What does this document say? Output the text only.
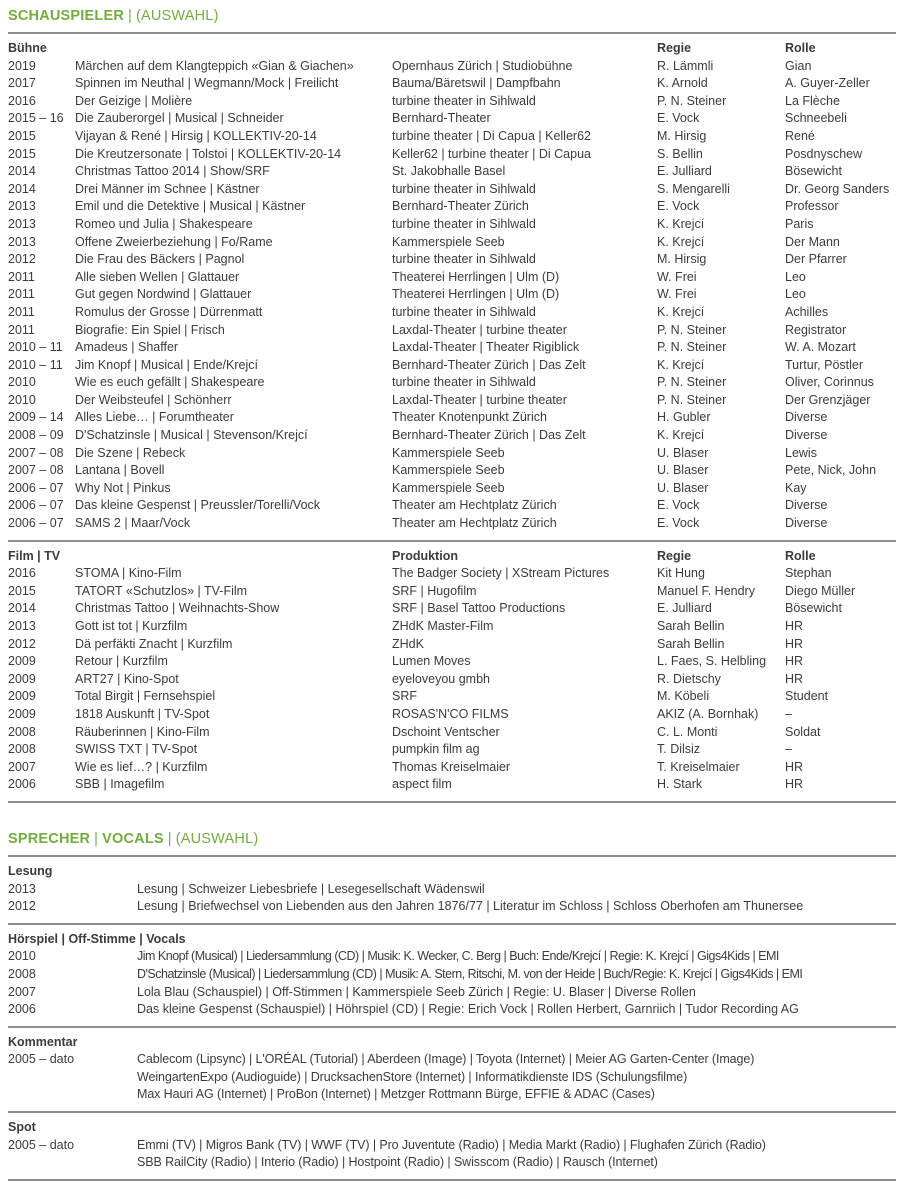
SCHAUSPIELER | (AUSWAHL)
Bühne	Regie	Rolle
2019	Märchen auf dem Klangteppich «Gian & Giachen»	Opernhaus Zürich | Studiobühne	R. Lämmli	Gian
2017	Spinnen im Neuthal | Wegmann/Mock | Freilicht	Bauma/Bäretswil | Dampfbahn	K. Arnold	A. Guyer-Zeller
2016	Der Geizige | Molière	turbine theater in Sihlwald	P. N. Steiner	La Flèche
2015 – 16 Die Zauberorgel | Musical | Schneider	Bernhard-Theater	E. Vock	Schneebeli
2015	Vijayan & René | Hirsig | KOLLEKTIV-20-14	turbine theater | Di Capua | Keller62	M. Hirsig	René
2015	Die Kreutzersonate | Tolstoi | KOLLEKTIV-20-14	Keller62 | turbine theater | Di Capua	S. Bellin	Posdnyschew
2014	Christmas Tattoo 2014 | Show/SRF	St. Jakobhalle Basel	E. Julliard	Bösewicht
2014	Drei Männer im Schnee | Kästner	turbine theater in Sihlwald	S. Mengarelli	Dr. Georg Sanders
2013	Emil und die Detektive | Musical | Kästner	Bernhard-Theater Zürich	E. Vock	Professor
2013	Romeo und Julia | Shakespeare	turbine theater in Sihlwald	K. Krejcí	Paris
2013	Offene Zweierbeziehung | Fo/Rame	Kammerspiele Seeb	K. Krejcí	Der Mann
2012	Die Frau des Bäckers | Pagnol	turbine theater in Sihlwald	M. Hirsig	Der Pfarrer
2011	Alle sieben Wellen | Glattauer	Theaterei Herrlingen | Ulm (D)	W. Frei	Leo
2011	Gut gegen Nordwind | Glattauer	Theaterei Herrlingen | Ulm (D)	W. Frei	Leo
2011	Romulus der Grosse | Dürrenmatt	turbine theater in Sihlwald	K. Krejcí	Achilles
2011	Biografie: Ein Spiel | Frisch	Laxdal-Theater | turbine theater	P. N. Steiner	Registrator
2010 – 11 Amadeus | Shaffer	Laxdal-Theater | Theater Rigiblick	P. N. Steiner	W. A. Mozart
2010 – 11 Jim Knopf | Musical | Ende/Krejcí	Bernhard-Theater Zürich | Das Zelt	K. Krejcí	Turtur, Pöstler
2010	Wie es euch gefällt | Shakespeare	turbine theater in Sihlwald	P. N. Steiner	Oliver, Corinnus
2010	Der Weibsteufel | Schönherr	Laxdal-Theater | turbine theater	P. N. Steiner	Der Grenzjäger
2009 – 14 Alles Liebe… | Forumtheater	Theater Knotenpunkt Zürich	H. Gubler	Diverse
2008 – 09 D'Schatzinsle | Musical | Stevenson/Krejcí	Bernhard-Theater Zürich | Das Zelt	K. Krejcí	Diverse
2007 – 08 Die Szene | Rebeck	Kammerspiele Seeb	U. Blaser	Lewis
2007 – 08 Lantana | Bovell	Kammerspiele Seeb	U. Blaser	Pete, Nick, John
2006 – 07 Why Not | Pinkus	Kammerspiele Seeb	U. Blaser	Kay
2006 – 07 Das kleine Gespenst | Preussler/Torelli/Vock	Theater am Hechtplatz Zürich	E. Vock	Diverse
2006 – 07 SAMS 2 | Maar/Vock	Theater am Hechtplatz Zürich	E. Vock	Diverse
Film | TV	Produktion	Regie	Rolle
2016	STOMA | Kino-Film	The Badger Society | XStream Pictures	Kit Hung	Stephan
2015	TATORT «Schutzlos» | TV-Film	SRF | Hugofilm	Manuel F. Hendry	Diego Müller
2014	Christmas Tattoo | Weihnachts-Show	SRF | Basel Tattoo Productions	E. Julliard	Bösewicht
2013	Gott ist tot | Kurzfilm	ZHdK Master-Film	Sarah Bellin	HR
2012	Dä perfäkti Znacht | Kurzfilm	ZHdK	Sarah Bellin	HR
2009	Retour | Kurzfilm	Lumen Moves	L. Faes, S. Helbling	HR
2009	ART27 | Kino-Spot	eyeloveyou gmbh	R. Dietschy	HR
2009	Total Birgit | Fernsehspiel	SRF	M. Köbeli	Student
2009	1818 Auskunft | TV-Spot	ROSAS'N'CO FILMS	AKIZ (A. Bornhak)	–
2008	Räuberinnen | Kino-Film	Dschoint Ventscher	C. L. Monti	Soldat
2008	SWISS TXT | TV-Spot	pumpkin film ag	T. Dilsiz	–
2007	Wie es lief…? | Kurzfilm	Thomas Kreiselmaier	T. Kreiselmaier	HR
2006	SBB | Imagefilm	aspect film	H. Stark	HR
SPRECHER | VOCALS | (AUSWAHL)
Lesung
2013	Lesung | Schweizer Liebesbriefe | Lesegesellschaft Wädenswil
2012	Lesung | Briefwechsel von Liebenden aus den Jahren 1876/77 | Literatur im Schloss | Schloss Oberhofen am Thunersee
Hörspiel | Off-Stimme | Vocals
2010	Jim Knopf (Musical) | Liedersammlung (CD) | Musik: K. Wecker, C. Berg | Buch: Ende/Krejcí | Regie: K. Krejcí | Gigs4Kids | EMI
2008	D'Schatzinsle (Musical) | Liedersammlung (CD) | Musik: A. Stern, Ritschi, M. von der Heide | Buch/Regie: K. Krejcí | Gigs4Kids | EMI
2007	Lola Blau (Schauspiel) | Off-Stimmen | Kammerspiele Seeb Zürich | Regie: U. Blaser | Diverse Rollen
2006	Das kleine Gespenst (Schauspiel) | Höhrspiel (CD) | Regie: Erich Vock | Rollen Herbert, Garnriich | Tudor Recording AG
Kommentar
2005 – dato	Cablecom (Lipsync) | L'ORÉAL (Tutorial) | Aberdeen (Image) | Toyota (Internet) | Meier AG Garten-Center (Image)
WeingartenExpo (Audioguide) | DrucksachenStore (Internet) | Informatikdienste IDS (Schulungsfilme)
Max Hauri AG (Internet) | ProBon (Internet) | Metzger Rottmann Bürge, EFFIE & ADAC (Cases)
Spot
2005 – dato	Emmi (TV) | Migros Bank (TV) | WWF (TV) | Pro Juventute (Radio) | Media Markt (Radio) | Flughafen Zürich (Radio)
SBB RailCity (Radio) | Interio (Radio) | Hostpoint (Radio) | Swisscom (Radio) | Rausch (Internet)
